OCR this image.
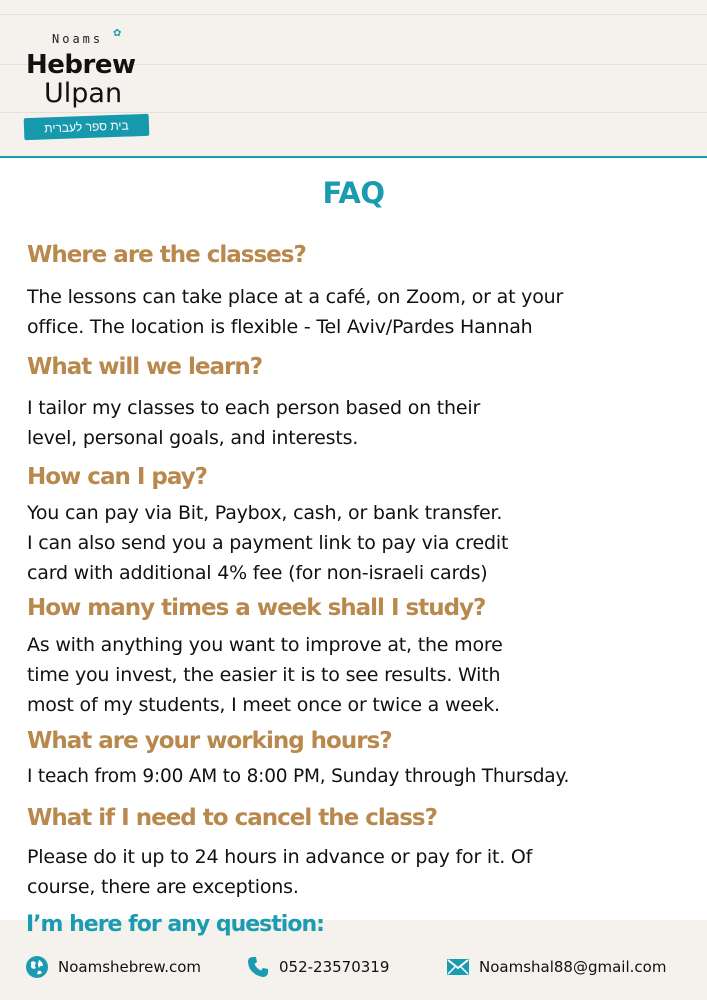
Noams ✿
Hebrew
Ulpan
בית ספר לעברית
FAQ
Where are the classes?
The lessons can take place at a café, on Zoom, or at your
office. The location is flexible - Tel Aviv/Pardes Hannah
What will we learn?
I tailor my classes to each person based on their
level, personal goals, and interests.
How can I pay?
You can pay via Bit, Paybox, cash, or bank transfer.
I can also send you a payment link to pay via credit
card with additional 4% fee (for non-israeli cards)
How many times a week shall I study?
As with anything you want to improve at, the more
time you invest, the easier it is to see results. With
most of my students, I meet once or twice a week.
What are your working hours?
I teach from 9:00 AM to 8:00 PM, Sunday through Thursday.
What if I need to cancel the class?
Please do it up to 24 hours in advance or pay for it. Of
course, there are exceptions.
I’m here for any question:
Noamshebrew.com	052-23570319	Noamshal88@gmail.com
